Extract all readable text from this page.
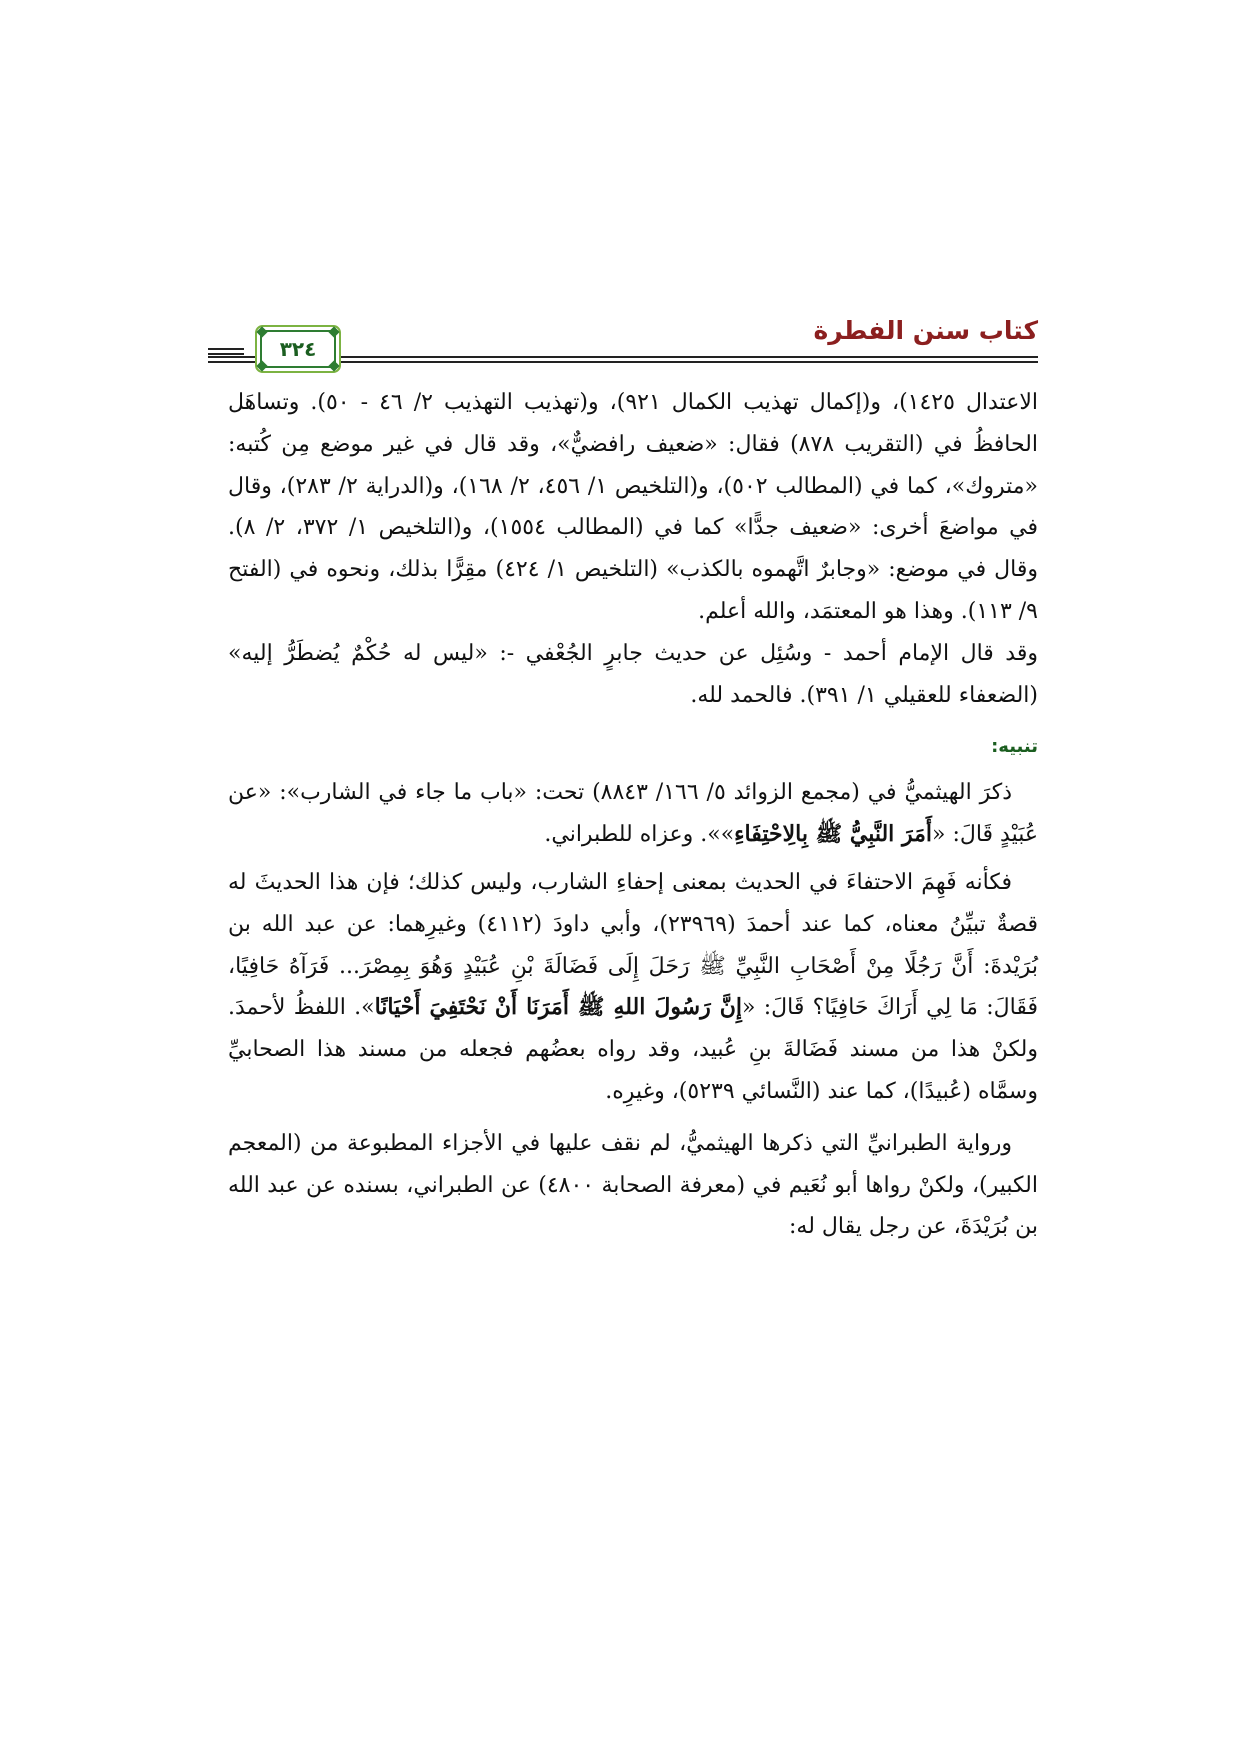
٣٢٤
كتاب سنن الفطرة

الاعتدال ١٤٢٥)، و(إكمال تهذيب الكمال ٩٢١)، و(تهذيب التهذيب ٢/ ٤٦ - ٥٠). وتساهَل الحافظُ في (التقريب ٨٧٨) فقال: «ضعيف رافضيٌّ»، وقد قال في غير موضع مِن كُتبه: «متروك»، كما في (المطالب ٥٠٢)، و(التلخيص ١/ ٤٥٦، ٢/ ١٦٨)، و(الدراية ٢/ ٢٨٣)، وقال في مواضعَ أخرى: «ضعيف جدًّا» كما في (المطالب ١٥٥٤)، و(التلخيص ١/ ٣٧٢، ٢/ ٨). وقال في موضع: «وجابرٌ اتَّهموه بالكذب» (التلخيص ١/ ٤٢٤) مقِرًّا بذلك، ونحوه في (الفتح ٩/ ١١٣). وهذا هو المعتمَد، والله أعلم.

وقد قال الإمام أحمد - وسُئِل عن حديث جابرٍ الجُعْفي -: «ليس له حُكْمٌ يُضطَرُّ إليه» (الضعفاء للعقيلي ١/ ٣٩١). فالحمد لله.

تنبيه:

ذكرَ الهيثميُّ في (مجمع الزوائد ٥/ ١٦٦/ ٨٨٤٣) تحت: «باب ما جاء في الشارب»: «عن عُبَيْدٍ قَالَ: «أَمَرَ النَّبِيُّ ﷺ بِالِاحْتِفَاءِ»». وعزاه للطبراني.

فكأنه فَهِمَ الاحتفاءَ في الحديث بمعنى إحفاءِ الشارب، وليس كذلك؛ فإن هذا الحديثَ له قصةٌ تبيِّنُ معناه، كما عند أحمدَ (٢٣٩٦٩)، وأبي داودَ (٤١١٢) وغيرِهما: عن عبد الله بن بُرَيْدةَ: أَنَّ رَجُلًا مِنْ أَصْحَابِ النَّبِيِّ ﷺ رَحَلَ إِلَى فَضَالَةَ بْنِ عُبَيْدٍ وَهُوَ بِمِصْرَ... فَرَآهُ حَافِيًا، فَقَالَ: مَا لِي أَرَاكَ حَافِيًا؟ قَالَ: «إِنَّ رَسُولَ اللهِ ﷺ أَمَرَنَا أَنْ نَحْتَفِيَ أَحْيَانًا». اللفظُ لأحمدَ. ولكنْ هذا من مسند فَضَالةَ بنِ عُبيد، وقد رواه بعضُهم فجعله من مسند هذا الصحابيِّ وسمَّاه (عُبيدًا)، كما عند (النَّسائي ٥٢٣٩)، وغيرِه.

ورواية الطبرانيِّ التي ذكرها الهيثميُّ، لم نقف عليها في الأجزاء المطبوعة من (المعجم الكبير)، ولكنْ رواها أبو نُعَيم في (معرفة الصحابة ٤٨٠٠) عن الطبراني، بسنده عن عبد الله بن بُرَيْدَةَ، عن رجل يقال له:
